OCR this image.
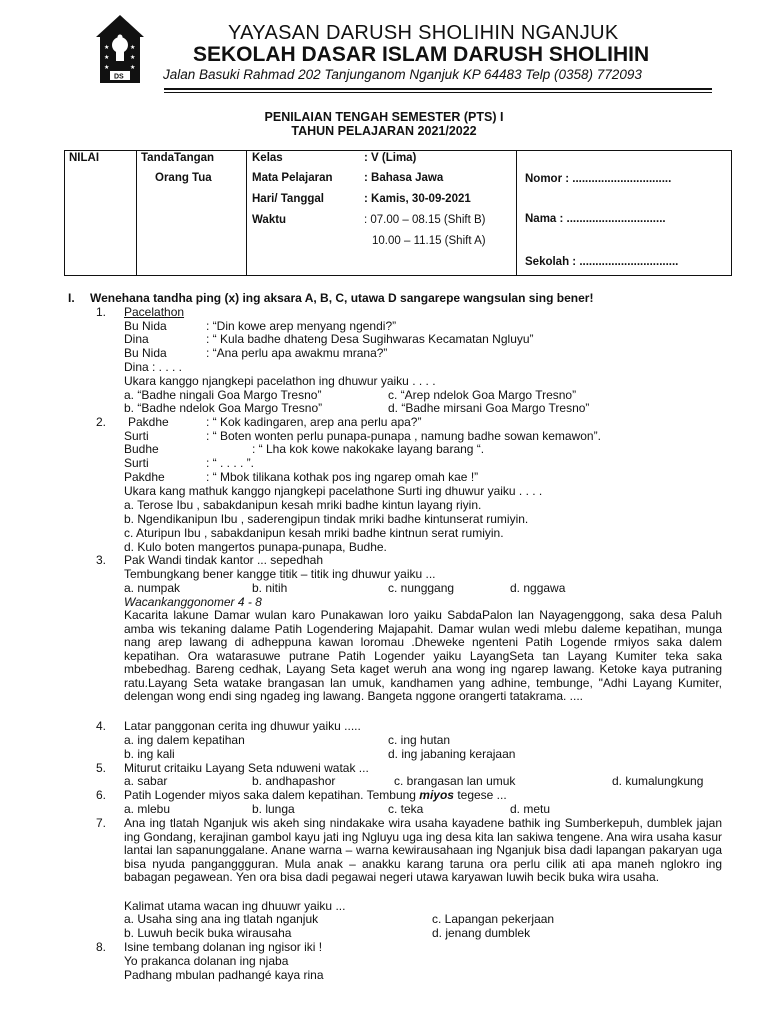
★	★
★	★
★	★
DS
YAYASAN DARUSH SHOLIHIN NGANJUK
SEKOLAH DASAR ISLAM DARUSH SHOLIHIN
Jalan Basuki Rahmad 202 Tanjunganom Nganjuk KP 64483 Telp (0358) 772093
PENILAIAN TENGAH SEMESTER (PTS) I
TAHUN PELAJARAN 2021/2022
NILAI	TandaTangan
Orang Tua

Kelas	: V (Lima)
Mata Pelajaran	: Bahasa Jawa
Hari/ Tanggal	: Kamis, 30-09-2021
Waktu	: 07.00 – 08.15 (Shift B)
10.00 – 11.15 (Shift A)

Nomor : ...............................
Nama : ...............................
Sekolah : ...............................
I. Wenehana tandha ping (x) ing aksara A, B, C, utawa D sangarepe wangsulan sing bener!
1. Pacelathon
Bu Nida	: “Din kowe arep menyang ngendi?”
Dina	: “ Kula badhe dhateng Desa Sugihwaras Kecamatan Ngluyu”
Bu Nida	: “Ana perlu apa awakmu mrana?”
Dina : . . . .
Ukara kanggo njangkepi pacelathon ing dhuwur yaiku . . . .
a. “Badhe ningali Goa Margo Tresno”	c. “Arep ndelok Goa Margo Tresno”
b. “Badhe ndelok Goa Margo Tresno”	d. “Badhe mirsani Goa Margo Tresno”
2. Pakdhe	: “ Kok kadingaren, arep ana perlu apa?”
Surti	: “ Boten wonten perlu punapa-punapa , namung badhe sowan kemawon”.
Budhe	: “ Lha kok kowe nakokake layang barang “.
Surti	: “ . . . . ”.
Pakdhe	: “ Mbok tilikana kothak pos ing ngarep omah kae !”
Ukara kang mathuk kanggo njangkepi pacelathone Surti ing dhuwur yaiku . . . .
a. Terose Ibu , sabakdanipun kesah mriki badhe kintun layang riyin.
b. Ngendikanipun Ibu , saderengipun tindak mriki badhe kintunserat rumiyin.
c. Aturipun Ibu , sabakdanipun kesah mriki badhe kintnun serat rumiyin.
d. Kulo boten mangertos punapa-punapa, Budhe.
3. Pak Wandi tindak kantor ... sepedhah
Tembungkang bener kangge titik – titik ing dhuwur yaiku ...
a. numpak	b. nitih	c. nunggang	d. nggawa
Wacankanggonomer 4 - 8
Kacarita lakune Damar wulan karo Punakawan loro yaiku SabdaPalon lan Nayagenggong, saka desa Paluh amba wis tekaning dalame Patih Logendering Majapahit. Damar wulan wedi mlebu daleme kepatihan, munga nang arep lawang di adheppuna kawan loromau .Dheweke ngenteni Patih Logende rmiyos saka dalem kepatihan. Ora watarasuwe putrane Patih Logender yaiku LayangSeta tan Layang Kumiter teka saka mbebedhag. Bareng cedhak, Layang Seta kaget weruh ana wong ing ngarep lawang. Ketoke kaya putraning ratu.Layang Seta watake brangasan lan umuk, kandhamen yang adhine, tembunge, "Adhi Layang Kumiter, delengan wong endi sing ngadeg ing lawang. Bangeta nggone orangerti tatakrama. ....
4. Latar panggonan cerita ing dhuwur yaiku .....
a. ing dalem kepatihan	c. ing hutan
b. ing kali	d. ing jabaning kerajaan
5. Miturut critaiku Layang Seta nduweni watak ...
a. sabar	b. andhapashor	c. brangasan lan umuk	d. kumalungkung
6. Patih Logender miyos saka dalem kepatihan. Tembung miyos tegese ...
a. mlebu	b. lunga	c. teka	d. metu
7. Ana ing tlatah Nganjuk wis akeh sing nindakake wira usaha kayadene bathik ing Sumberkepuh, dumblek jajan ing Gondang, kerajinan gambol kayu jati ing Ngluyu uga ing desa kita lan sakiwa tengene. Ana wira usaha kasur lantai lan sapanunggalane. Anane warna – warna kewirausahaan ing Nganjuk bisa dadi lapangan pakaryan uga bisa nyuda panganggguran. Mula anak – anakku karang taruna ora perlu cilik ati apa maneh nglokro ing babagan pegawean. Yen ora bisa dadi pegawai negeri utawa karyawan luwih becik buka wira usaha.
Kalimat utama wacan ing dhuuwr yaiku ...
a. Usaha sing ana ing tlatah nganjuk	c. Lapangan pekerjaan
b. Luwuh becik buka wirausaha	d. jenang dumblek
8. Isine tembang dolanan ing ngisor iki !
Yo prakanca dolanan ing njaba
Padhang mbulan padhangé kaya rina
